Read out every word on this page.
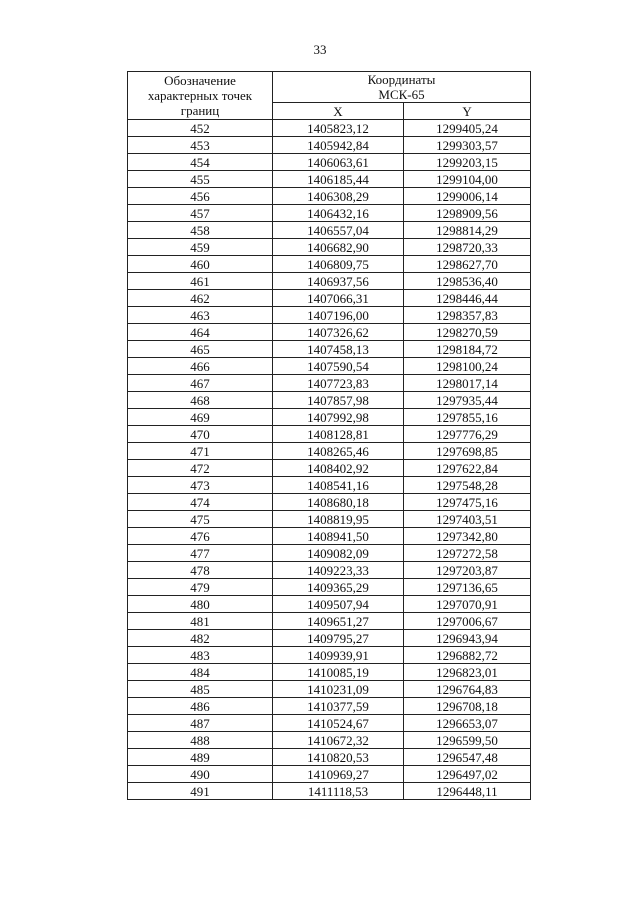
33
Обозначение
характерных точек
границ	Координаты
МСК-65	

	X	Y
452	1405823,12	1299405,24
453	1405942,84	1299303,57
454	1406063,61	1299203,15
455	1406185,44	1299104,00
456	1406308,29	1299006,14
457	1406432,16	1298909,56
458	1406557,04	1298814,29
459	1406682,90	1298720,33
460	1406809,75	1298627,70
461	1406937,56	1298536,40
462	1407066,31	1298446,44
463	1407196,00	1298357,83
464	1407326,62	1298270,59
465	1407458,13	1298184,72
466	1407590,54	1298100,24
467	1407723,83	1298017,14
468	1407857,98	1297935,44
469	1407992,98	1297855,16
470	1408128,81	1297776,29
471	1408265,46	1297698,85
472	1408402,92	1297622,84
473	1408541,16	1297548,28
474	1408680,18	1297475,16
475	1408819,95	1297403,51
476	1408941,50	1297342,80
477	1409082,09	1297272,58
478	1409223,33	1297203,87
479	1409365,29	1297136,65
480	1409507,94	1297070,91
481	1409651,27	1297006,67
482	1409795,27	1296943,94
483	1409939,91	1296882,72
484	1410085,19	1296823,01
485	1410231,09	1296764,83
486	1410377,59	1296708,18
487	1410524,67	1296653,07
488	1410672,32	1296599,50
489	1410820,53	1296547,48
490	1410969,27	1296497,02
491	1411118,53	1296448,11
